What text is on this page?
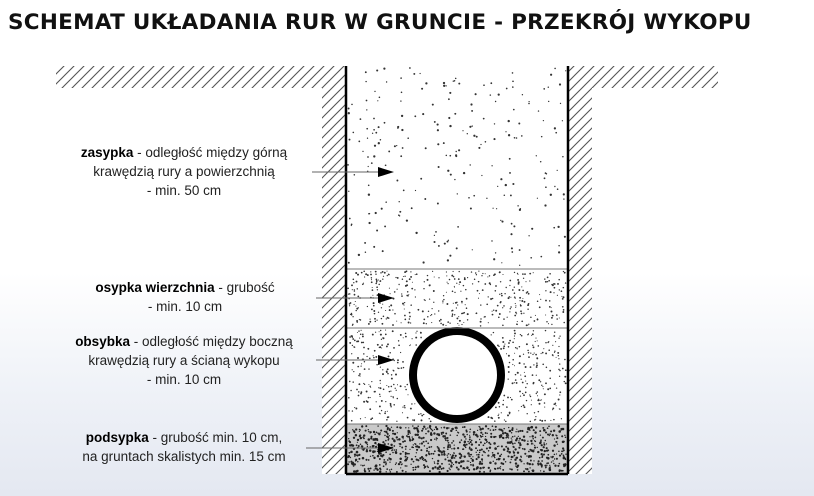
SCHEMAT UKŁADANIA RUR W GRUNCIE - PRZEKRÓJ WYKOPU
zasypka - odległość między górną
krawędzią rury a powierzchnią
- min. 50 cm
osypka wierzchnia - grubość
- min. 10 cm
obsybka - odległość między boczną
krawędzią rury a ścianą wykopu
- min. 10 cm
podsypka - grubość min. 10 cm,
na gruntach skalistych min. 15 cm
